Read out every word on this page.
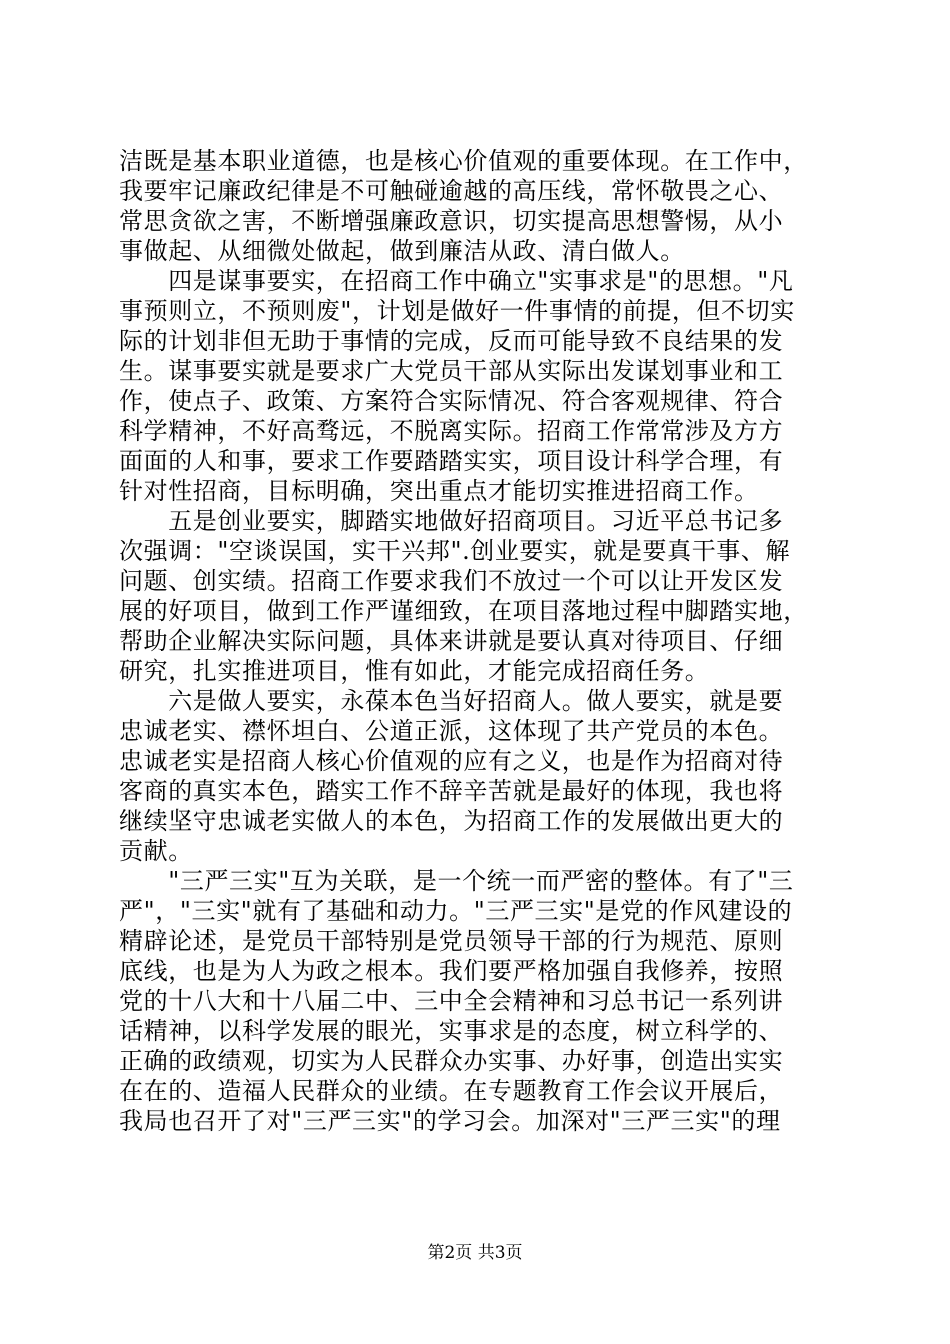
洁既是基本职业道德，也是核心价值观的重要体现。在工作中，
我要牢记廉政纪律是不可触碰逾越的高压线，常怀敬畏之心、
常思贪欲之害，不断增强廉政意识，切实提高思想警惕，从小
事做起、从细微处做起，做到廉洁从政、清白做人。
　　四是谋事要实，在招商工作中确立"实事求是"的思想。"凡
事预则立，不预则废"，计划是做好一件事情的前提，但不切实
际的计划非但无助于事情的完成，反而可能导致不良结果的发
生。谋事要实就是要求广大党员干部从实际出发谋划事业和工
作，使点子、政策、方案符合实际情况、符合客观规律、符合
科学精神，不好高骛远，不脱离实际。招商工作常常涉及方方
面面的人和事，要求工作要踏踏实实，项目设计科学合理，有
针对性招商，目标明确，突出重点才能切实推进招商工作。
　　五是创业要实，脚踏实地做好招商项目。习近平总书记多
次强调："空谈误国，实干兴邦".创业要实，就是要真干事、解
问题、创实绩。招商工作要求我们不放过一个可以让开发区发
展的好项目，做到工作严谨细致，在项目落地过程中脚踏实地，
帮助企业解决实际问题，具体来讲就是要认真对待项目、仔细
研究，扎实推进项目，惟有如此，才能完成招商任务。
　　六是做人要实，永葆本色当好招商人。做人要实，就是要
忠诚老实、襟怀坦白、公道正派，这体现了共产党员的本色。
忠诚老实是招商人核心价值观的应有之义，也是作为招商对待
客商的真实本色，踏实工作不辞辛苦就是最好的体现，我也将
继续坚守忠诚老实做人的本色，为招商工作的发展做出更大的
贡献。
　　"三严三实"互为关联，是一个统一而严密的整体。有了"三
严"，"三实"就有了基础和动力。"三严三实"是党的作风建设的
精辟论述，是党员干部特别是党员领导干部的行为规范、原则
底线，也是为人为政之根本。我们要严格加强自我修养，按照
党的十八大和十八届二中、三中全会精神和习总书记一系列讲
话精神，以科学发展的眼光，实事求是的态度，树立科学的、
正确的政绩观，切实为人民群众办实事、办好事，创造出实实
在在的、造福人民群众的业绩。在专题教育工作会议开展后，
我局也召开了对"三严三实"的学习会。加深对"三严三实"的理
第2页 共3页
